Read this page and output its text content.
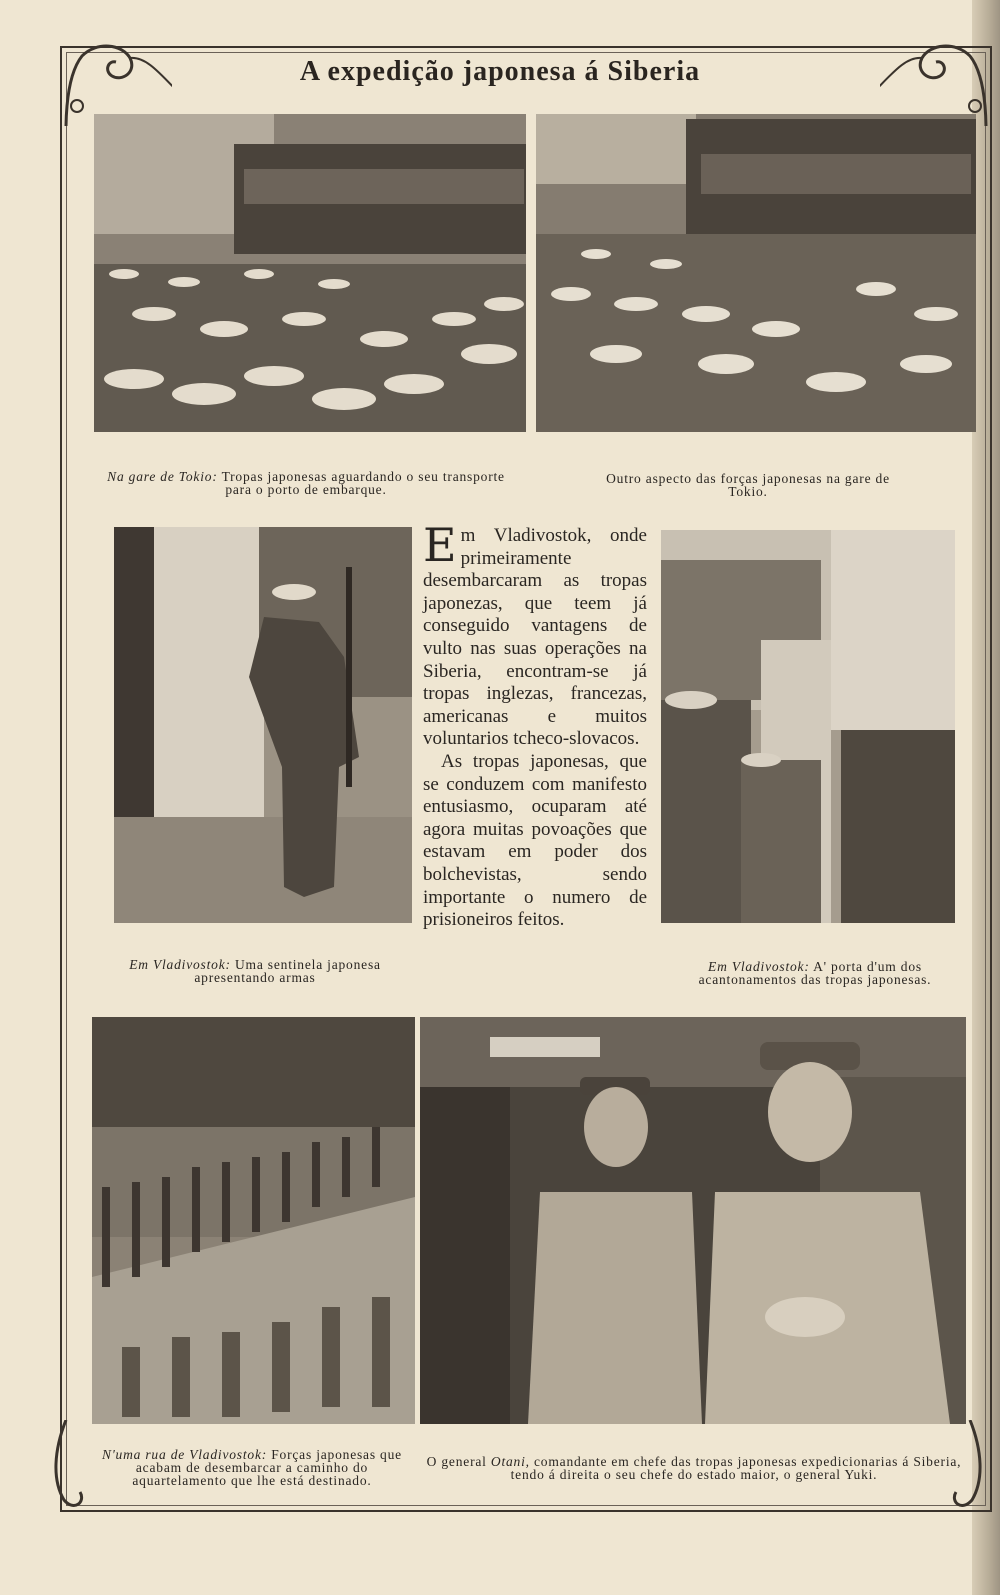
A expedição japonesa á Siberia
Na gare de Tokio: Tropas japonesas aguardando o seu transporte para o porto de embarque.
Outro aspecto das forças japonesas na gare de Tokio.
Em Vladivostok: Uma sentinela japonesa apresentando armas

Em Vladivostok, onde primeiramente desembarcaram as tropas japonezas, que teem já conseguido vantagens de vulto nas suas operações na Siberia, encontram-se já tropas inglezas, francezas, americanas e muitos voluntarios tcheco-slovacos.

As tropas japonesas, que se conduzem com manifesto entusiasmo, ocuparam até agora muitas povoações que estavam em poder dos bolchevistas, sendo importante o numero de prisioneiros feitos.

Em Vladivostok: A' porta d'um dos acantonamentos das tropas japonesas.
N'uma rua de Vladivostok: Forças japonesas que acabam de desembarcar a caminho do aquartelamento que lhe está destinado.
O general Otani, comandante em chefe das tropas japonesas expedicionarias á Siberia, tendo á direita o seu chefe do estado maior, o general Yuki.
